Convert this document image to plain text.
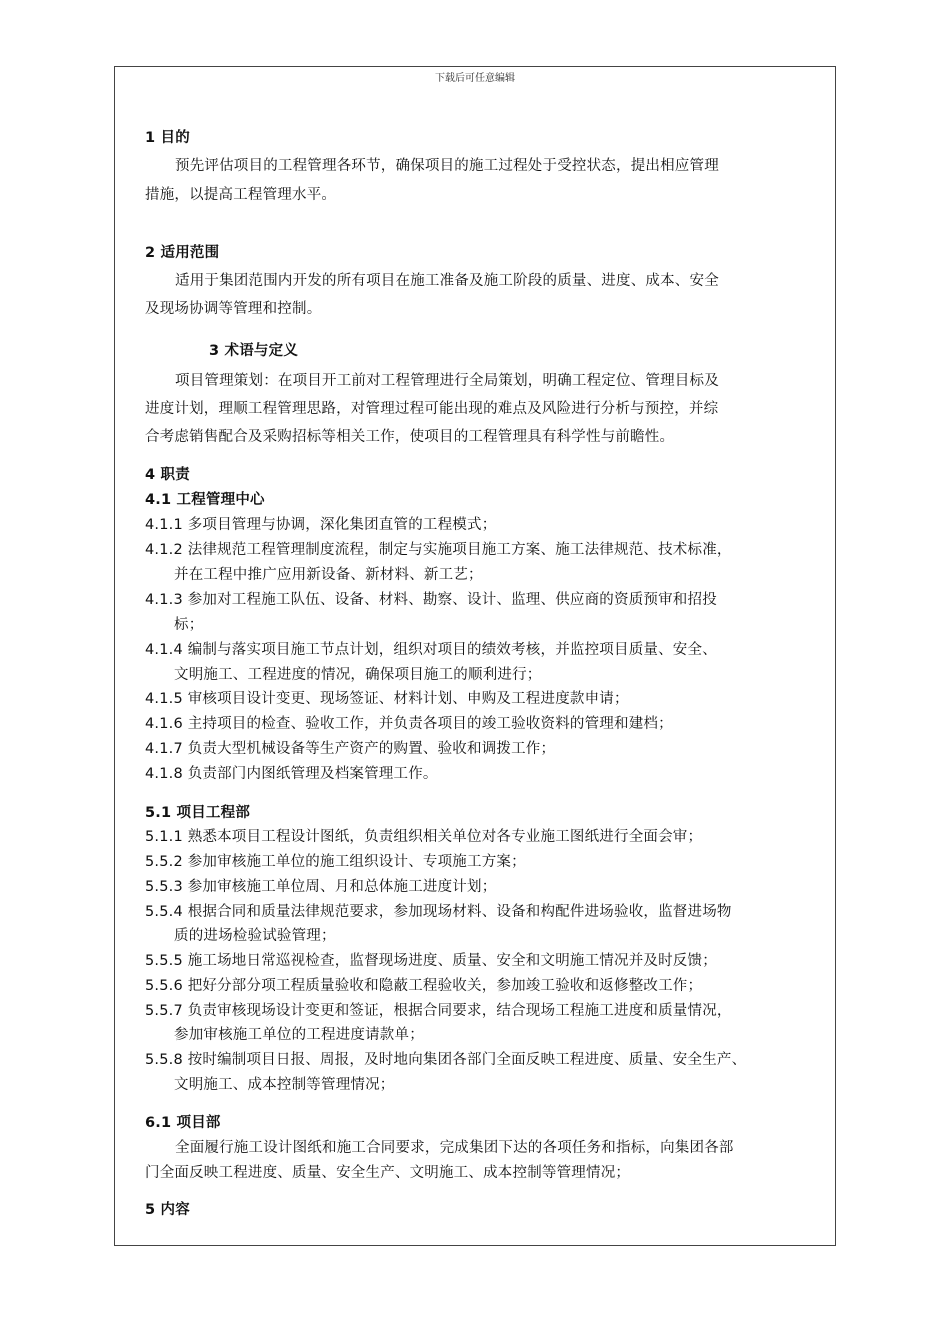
下载后可任意编辑
1 目的
预先评估项目的工程管理各环节，确保项目的施工过程处于受控状态，提出相应管理
措施，以提高工程管理水平。
2 适用范围
适用于集团范围内开发的所有项目在施工准备及施工阶段的质量、进度、成本、安全
及现场协调等管理和控制。
3 术语与定义
项目管理策划：在项目开工前对工程管理进行全局策划，明确工程定位、管理目标及
进度计划，理顺工程管理思路，对管理过程可能出现的难点及风险进行分析与预控，并综
合考虑销售配合及采购招标等相关工作，使项目的工程管理具有科学性与前瞻性。
4 职责
4.1 工程管理中心
4.1.1 多项目管理与协调，深化集团直管的工程模式；
4.1.2 法律规范工程管理制度流程，制定与实施项目施工方案、施工法律规范、技术标准，
并在工程中推广应用新设备、新材料、新工艺；
4.1.3 参加对工程施工队伍、设备、材料、勘察、设计、监理、供应商的资质预审和招投
标；
4.1.4 编制与落实项目施工节点计划，组织对项目的绩效考核，并监控项目质量、安全、
文明施工、工程进度的情况，确保项目施工的顺利进行；
4.1.5 审核项目设计变更、现场签证、材料计划、申购及工程进度款申请；
4.1.6 主持项目的检查、验收工作，并负责各项目的竣工验收资料的管理和建档；
4.1.7 负责大型机械设备等生产资产的购置、验收和调拨工作；
4.1.8 负责部门内图纸管理及档案管理工作。
5.1 项目工程部
5.1.1 熟悉本项目工程设计图纸，负责组织相关单位对各专业施工图纸进行全面会审；
5.5.2 参加审核施工单位的施工组织设计、专项施工方案；
5.5.3 参加审核施工单位周、月和总体施工进度计划；
5.5.4 根据合同和质量法律规范要求，参加现场材料、设备和构配件进场验收，监督进场物
质的进场检验试验管理；
5.5.5 施工场地日常巡视检查，监督现场进度、质量、安全和文明施工情况并及时反馈；
5.5.6 把好分部分项工程质量验收和隐蔽工程验收关，参加竣工验收和返修整改工作；
5.5.7 负责审核现场设计变更和签证，根据合同要求，结合现场工程施工进度和质量情况，
参加审核施工单位的工程进度请款单；
5.5.8 按时编制项目日报、周报，及时地向集团各部门全面反映工程进度、质量、安全生产、
文明施工、成本控制等管理情况；
6.1 项目部
全面履行施工设计图纸和施工合同要求，完成集团下达的各项任务和指标，向集团各部
门全面反映工程进度、质量、安全生产、文明施工、成本控制等管理情况；
5 内容
